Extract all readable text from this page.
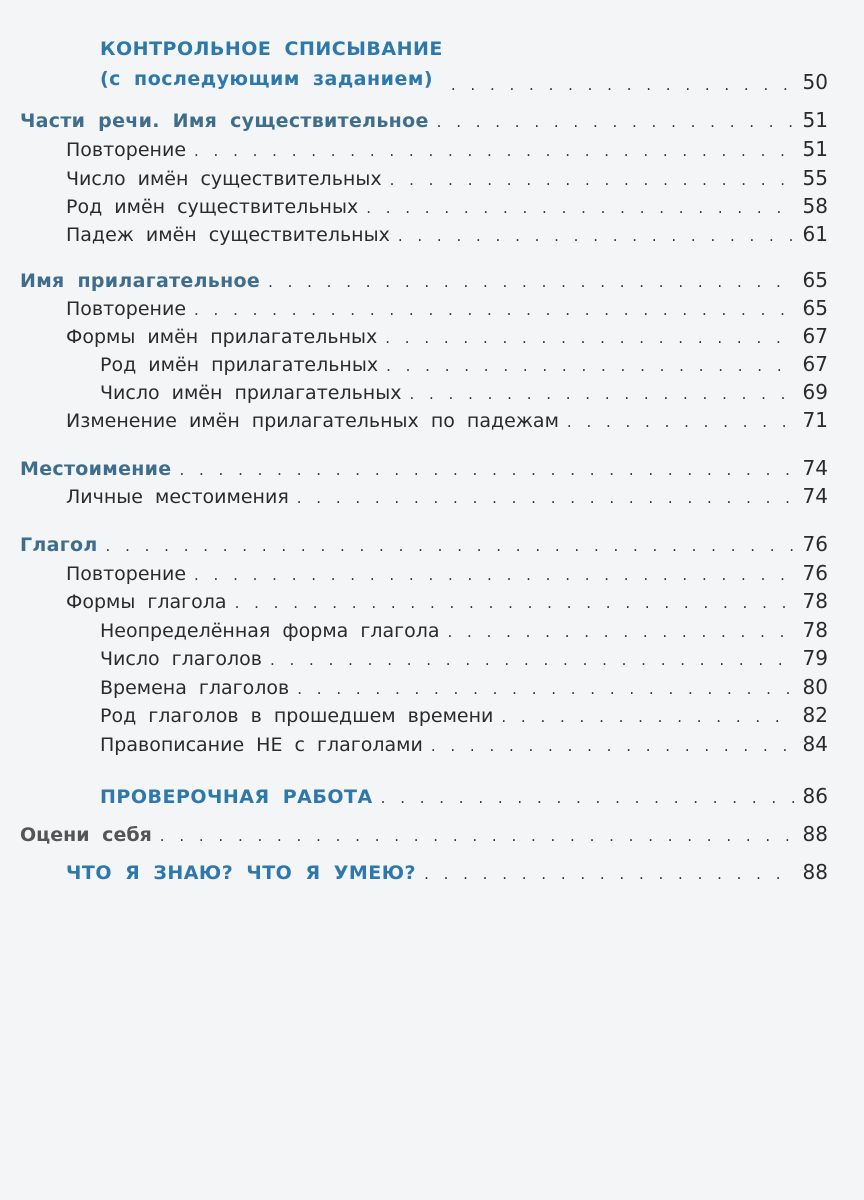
КОНТРОЛЬНОЕ СПИСЫВАНИЕ
(с последующим заданием) . . .	50
Части речи. Имя существительное . . .	51
Повторение . . .	51
Число имён существительных . . .	55
Род имён существительных . . .	58
Падеж имён существительных . . .	61
Имя прилагательное . . .	65
Повторение . . .	65
Формы имён прилагательных . . .	67
Род имён прилагательных . . .	67
Число имён прилагательных . . .	69
Изменение имён прилагательных по падежам . . .	71
Местоимение . . .	74
Личные местоимения . . .	74
Глагол . . .	76
Повторение . . .	76
Формы глагола . . .	78
Неопределённая форма глагола . . .	78
Число глаголов . . .	79
Времена глаголов . . .	80
Род глаголов в прошедшем времени . . .	82
Правописание НЕ с глаголами . . .	84
ПРОВЕРОЧНАЯ РАБОТА . . .	86
Оцени себя . . .	88
ЧТО Я ЗНАЮ? ЧТО Я УМЕЮ? . . .	88
